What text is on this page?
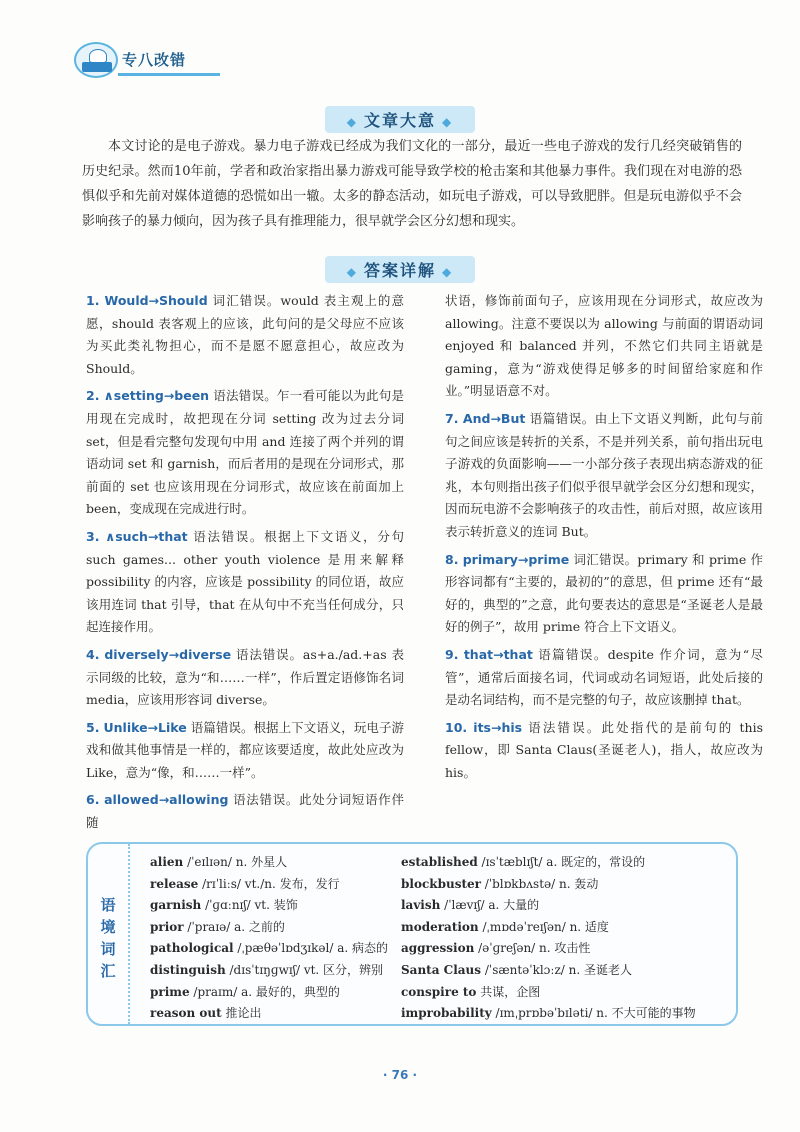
专八改错
◆ 文章大意 ◆

本文讨论的是电子游戏。暴力电子游戏已经成为我们文化的一部分，最近一些电子游戏的发行几经突破销售的历史纪录。然而10年前，学者和政治家指出暴力游戏可能导致学校的枪击案和其他暴力事件。我们现在对电游的恐惧似乎和先前对媒体道德的恐慌如出一辙。太多的静态活动，如玩电子游戏，可以导致肥胖。但是玩电游似乎不会影响孩子的暴力倾向，因为孩子具有推理能力，很早就学会区分幻想和现实。

◆ 答案详解 ◆

1. Would→Should 词汇错误。would 表主观上的意愿，should 表客观上的应该，此句问的是父母应不应该为买此类礼物担心，而不是愿不愿意担心，故应改为 Should。

2. ∧setting→been 语法错误。乍一看可能以为此句是用现在完成时，故把现在分词 setting 改为过去分词 set，但是看完整句发现句中用 and 连接了两个并列的谓语动词 set 和 garnish，而后者用的是现在分词形式，那前面的 set 也应该用现在分词形式，故应该在前面加上 been，变成现在完成进行时。

3. ∧such→that 语法错误。根据上下文语义，分句 such games... other youth violence 是用来解释 possibility 的内容，应该是 possibility 的同位语，故应该用连词 that 引导，that 在从句中不充当任何成分，只起连接作用。

4. diversely→diverse 语法错误。as+a./ad.+as 表示同级的比较，意为“和……一样”，作后置定语修饰名词 media，应该用形容词 diverse。

5. Unlike→Like 语篇错误。根据上下文语义，玩电子游戏和做其他事情是一样的，都应该要适度，故此处应改为 Like，意为“像，和……一样”。

6. allowed→allowing 语法错误。此处分词短语作伴随

状语，修饰前面句子，应该用现在分词形式，故应改为 allowing。注意不要误以为 allowing 与前面的谓语动词 enjoyed 和 balanced 并列，不然它们共同主语就是 gaming，意为“游戏使得足够多的时间留给家庭和作业。”明显语意不对。

7. And→But 语篇错误。由上下文语义判断，此句与前句之间应该是转折的关系，不是并列关系，前句指出玩电子游戏的负面影响——一小部分孩子表现出病态游戏的征兆，本句则指出孩子们似乎很早就学会区分幻想和现实，因而玩电游不会影响孩子的攻击性，前后对照，故应该用表示转折意义的连词 But。

8. primary→prime 词汇错误。primary 和 prime 作形容词都有“主要的，最初的”的意思，但 prime 还有“最好的，典型的”之意，此句要表达的意思是“圣诞老人是最好的例子”，故用 prime 符合上下文语义。

9. that→that 语篇错误。despite 作介词，意为“尽管”，通常后面接名词，代词或动名词短语，此处后接的是动名词结构，而不是完整的句子，故应该删掉 that。

10. its→his 语法错误。此处指代的是前句的 this fellow，即 Santa Claus(圣诞老人)，指人，故应改为 his。

语境词汇
alien /ˈeɪlɪən/ n. 外星人
release /rɪˈliːs/ vt./n. 发布，发行
garnish /ˈɡɑːnɪʃ/ vt. 装饰
prior /ˈpraɪə/ a. 之前的
pathological /ˌpæθəˈlɒdʒɪkəl/ a. 病态的
distinguish /dɪsˈtɪŋɡwɪʃ/ vt. 区分，辨别
prime /praɪm/ a. 最好的，典型的
reason out 推论出
established /ɪsˈtæblɪʃt/ a. 既定的，常设的
blockbuster /ˈblɒkbʌstə/ n. 轰动
lavish /ˈlævɪʃ/ a. 大量的
moderation /ˌmɒdəˈreɪʃən/ n. 适度
aggression /əˈɡreʃən/ n. 攻击性
Santa Claus /ˈsæntəˈklɔːz/ n. 圣诞老人
conspire to 共谋，企图
improbability /ɪmˌprɒbəˈbɪləti/ n. 不大可能的事物
· 76 ·
